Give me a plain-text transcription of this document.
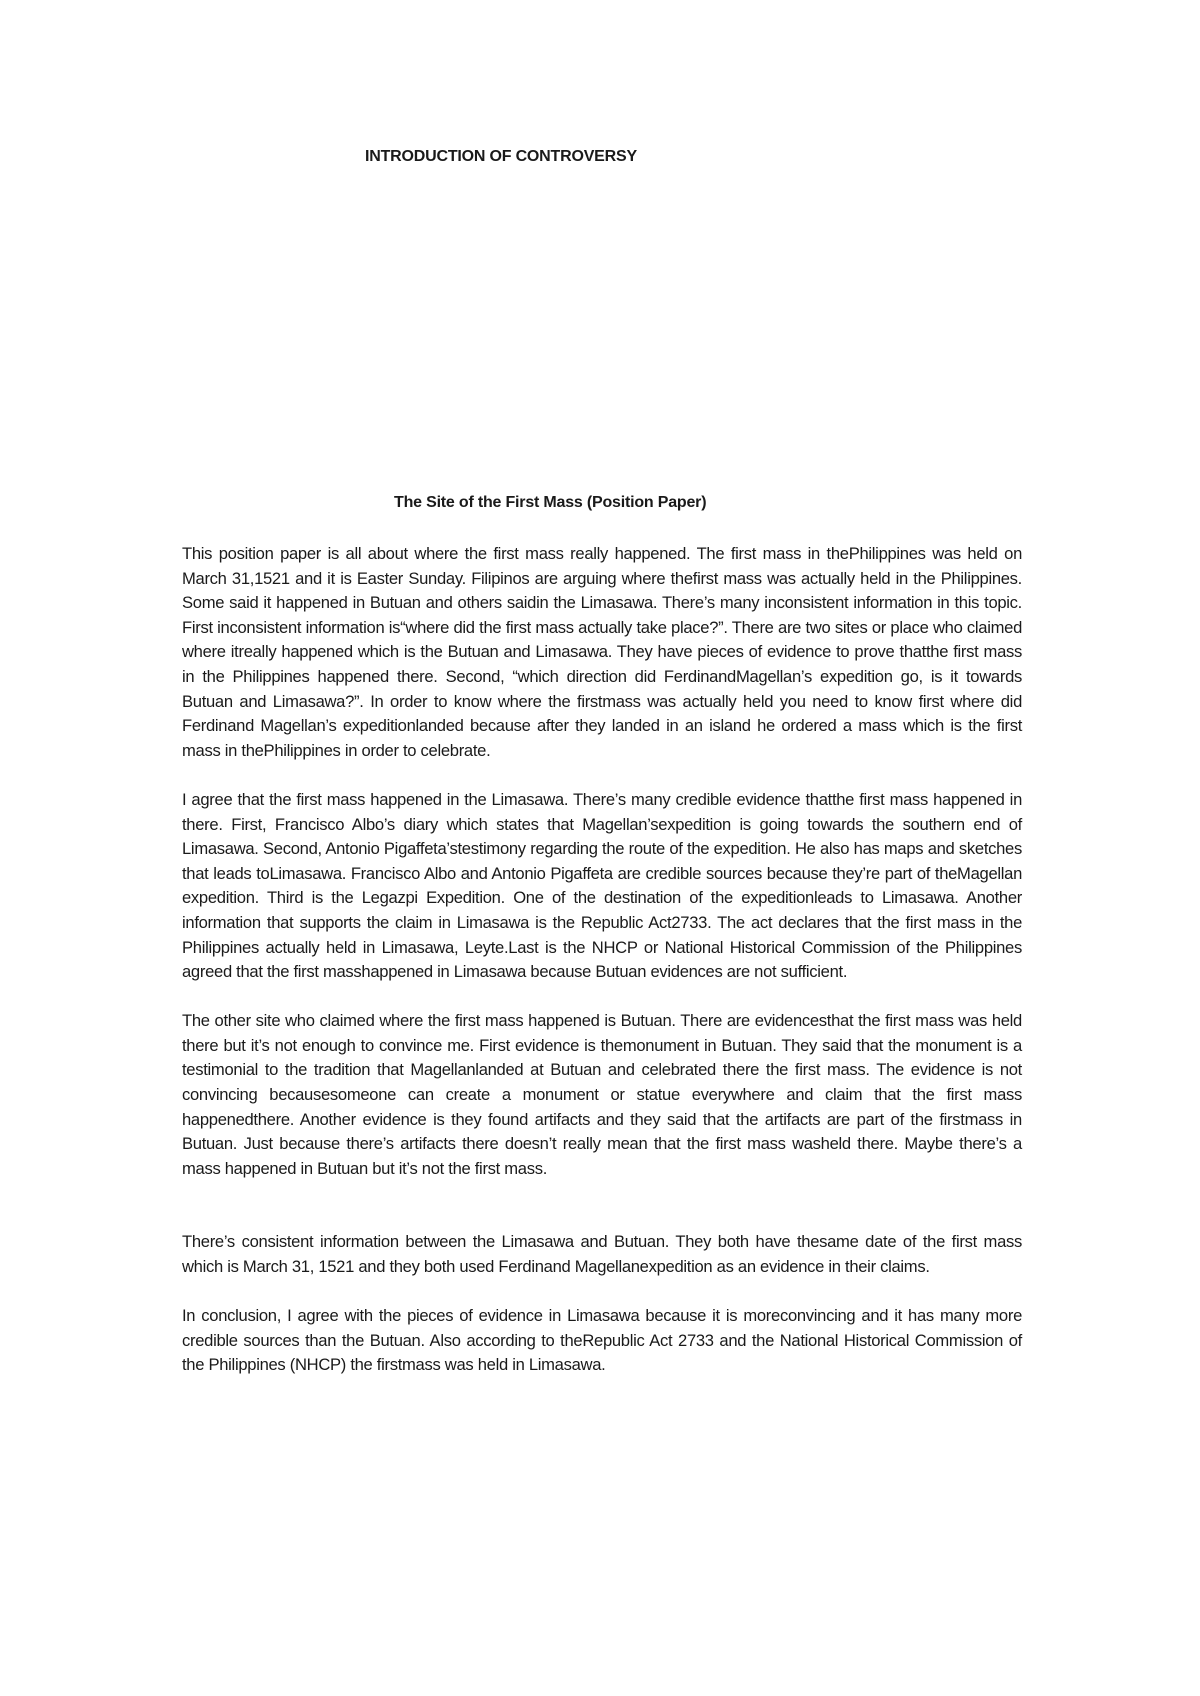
INTRODUCTION OF CONTROVERSY
The Site of the First Mass (Position Paper)

This position paper is all about where the first mass really happened. The first mass in thePhilippines was held on March 31,1521 and it is Easter Sunday. Filipinos are arguing where thefirst mass was actually held in the Philippines. Some said it happened in Butuan and others saidin the Limasawa. There’s many inconsistent information in this topic. First inconsistent information is“where did the first mass actually take place?”. There are two sites or place who claimed where itreally happened which is the Butuan and Limasawa. They have pieces of evidence to prove thatthe first mass in the Philippines happened there. Second, “which direction did FerdinandMagellan’s expedition go, is it towards Butuan and Limasawa?”. In order to know where the firstmass was actually held you need to know first where did Ferdinand Magellan’s expeditionlanded because after they landed in an island he ordered a mass which is the first mass in thePhilippines in order to celebrate.

I agree that the first mass happened in the Limasawa. There’s many credible evidence thatthe first mass happened in there. First, Francisco Albo’s diary which states that Magellan’sexpedition is going towards the southern end of Limasawa. Second, Antonio Pigaffeta’stestimony regarding the route of the expedition. He also has maps and sketches that leads toLimasawa. Francisco Albo and Antonio Pigaffeta are credible sources because they’re part of theMagellan expedition. Third is the Legazpi Expedition. One of the destination of the expeditionleads to Limasawa. Another information that supports the claim in Limasawa is the Republic Act2733. The act declares that the first mass in the Philippines actually held in Limasawa, Leyte.Last is the NHCP or National Historical Commission of the Philippines agreed that the first masshappened in Limasawa because Butuan evidences are not sufficient.

The other site who claimed where the first mass happened is Butuan. There are evidencesthat the first mass was held there but it’s not enough to convince me. First evidence is themonument in Butuan. They said that the monument is a testimonial to the tradition that Magellanlanded at Butuan and celebrated there the first mass. The evidence is not convincing becausesomeone can create a monument or statue everywhere and claim that the first mass happenedthere. Another evidence is they found artifacts and they said that the artifacts are part of the firstmass in Butuan. Just because there’s artifacts there doesn’t really mean that the first mass washeld there. Maybe there’s a mass happened in Butuan but it’s not the first mass.

There’s consistent information between the Limasawa and Butuan. They both have thesame date of the first mass which is March 31, 1521 and they both used Ferdinand Magellanexpedition as an evidence in their claims.

In conclusion, I agree with the pieces of evidence in Limasawa because it is moreconvincing and it has many more credible sources than the Butuan. Also according to theRepublic Act 2733 and the National Historical Commission of the Philippines (NHCP) the firstmass was held in Limasawa.
